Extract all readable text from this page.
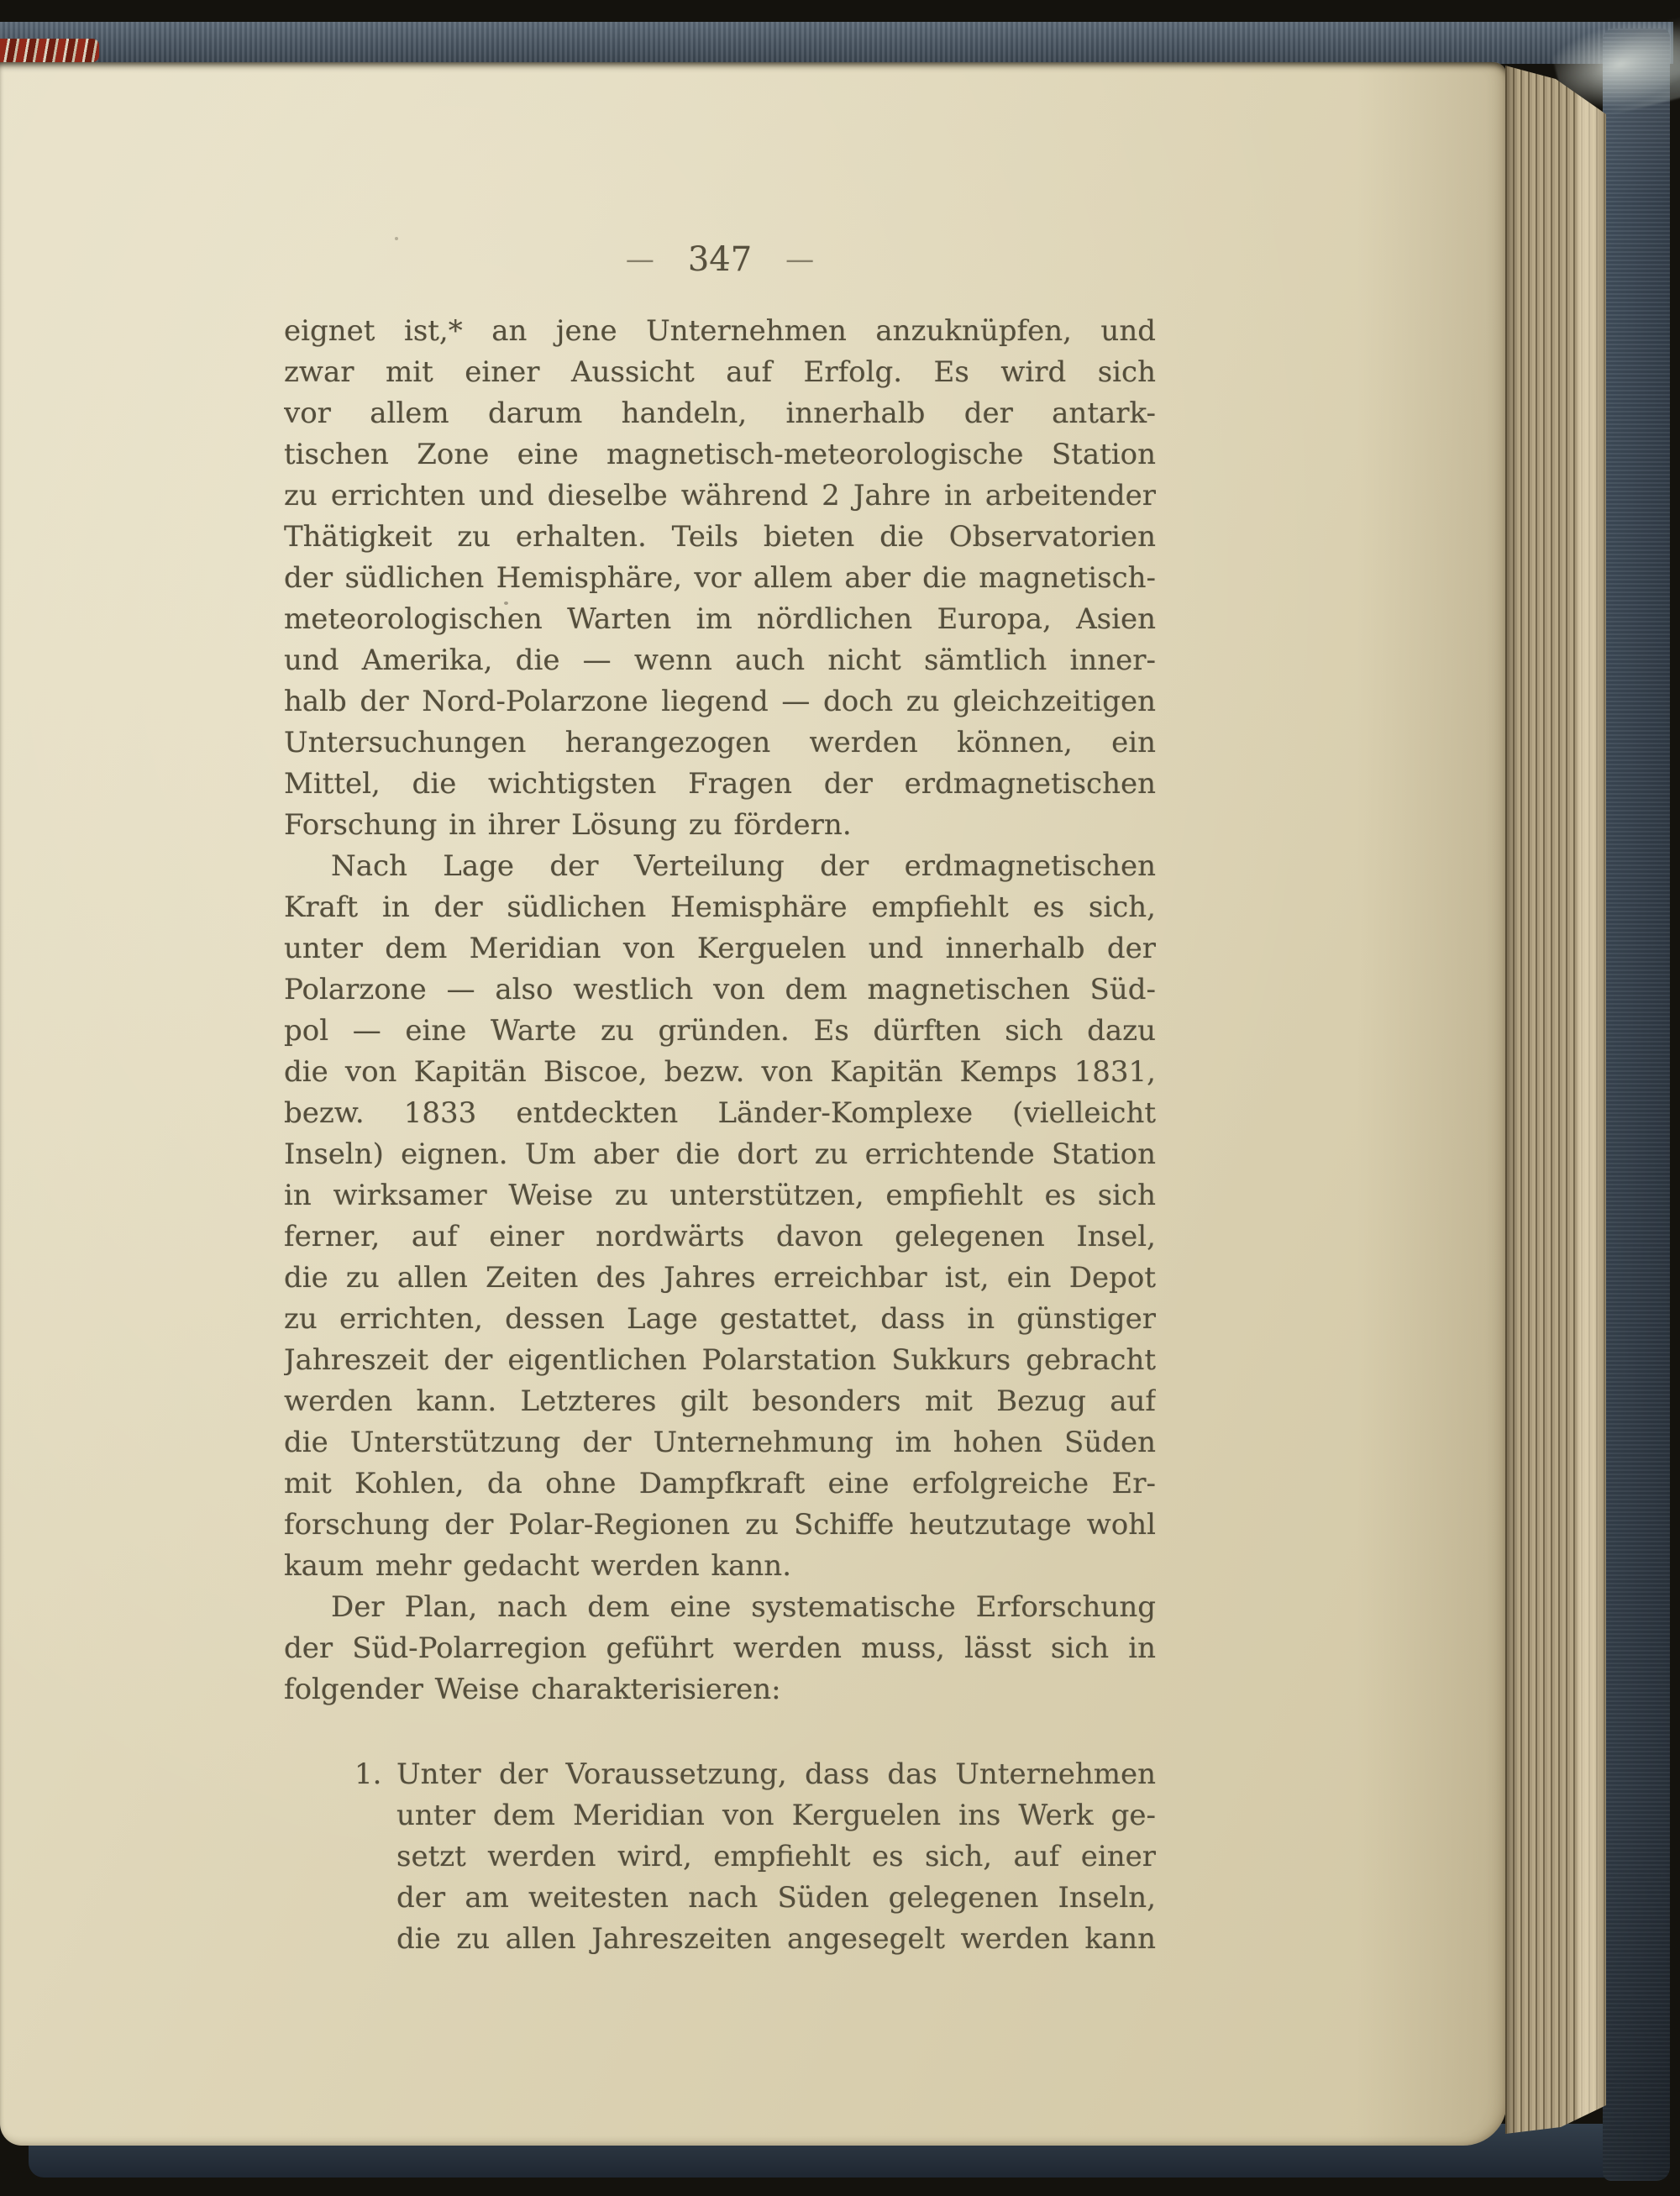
— 347 —
eignet ist,* an jene Unternehmen anzuknüpfen, und
zwar mit einer Aussicht auf Erfolg. Es wird sich
vor allem darum handeln, innerhalb der antark-
tischen Zone eine magnetisch-meteorologische Station
zu errichten und dieselbe während 2 Jahre in arbeitender
Thätigkeit zu erhalten. Teils bieten die Observatorien
der südlichen Hemisphäre, vor allem aber die magnetisch-
meteorologischen Warten im nördlichen Europa, Asien
und Amerika, die — wenn auch nicht sämtlich inner-
halb der Nord-Polarzone liegend — doch zu gleichzeitigen
Untersuchungen herangezogen werden können, ein
Mittel, die wichtigsten Fragen der erdmagnetischen
Forschung in ihrer Lösung zu fördern.
Nach Lage der Verteilung der erdmagnetischen
Kraft in der südlichen Hemisphäre empfiehlt es sich,
unter dem Meridian von Kerguelen und innerhalb der
Polarzone — also westlich von dem magnetischen Süd-
pol — eine Warte zu gründen. Es dürften sich dazu
die von Kapitän Biscoe, bezw. von Kapitän Kemps 1831,
bezw. 1833 entdeckten Länder-Komplexe (vielleicht
Inseln) eignen. Um aber die dort zu errichtende Station
in wirksamer Weise zu unterstützen, empfiehlt es sich
ferner, auf einer nordwärts davon gelegenen Insel,
die zu allen Zeiten des Jahres erreichbar ist, ein Depot
zu errichten, dessen Lage gestattet, dass in günstiger
Jahreszeit der eigentlichen Polarstation Sukkurs gebracht
werden kann. Letzteres gilt besonders mit Bezug auf
die Unterstützung der Unternehmung im hohen Süden
mit Kohlen, da ohne Dampfkraft eine erfolgreiche Er-
forschung der Polar-Regionen zu Schiffe heutzutage wohl
kaum mehr gedacht werden kann.
Der Plan, nach dem eine systematische Erforschung
der Süd-Polarregion geführt werden muss, lässt sich in
folgender Weise charakterisieren:
1. Unter der Voraussetzung, dass das Unternehmen
unter dem Meridian von Kerguelen ins Werk ge-
setzt werden wird, empfiehlt es sich, auf einer
der am weitesten nach Süden gelegenen Inseln,
die zu allen Jahreszeiten angesegelt werden kann
